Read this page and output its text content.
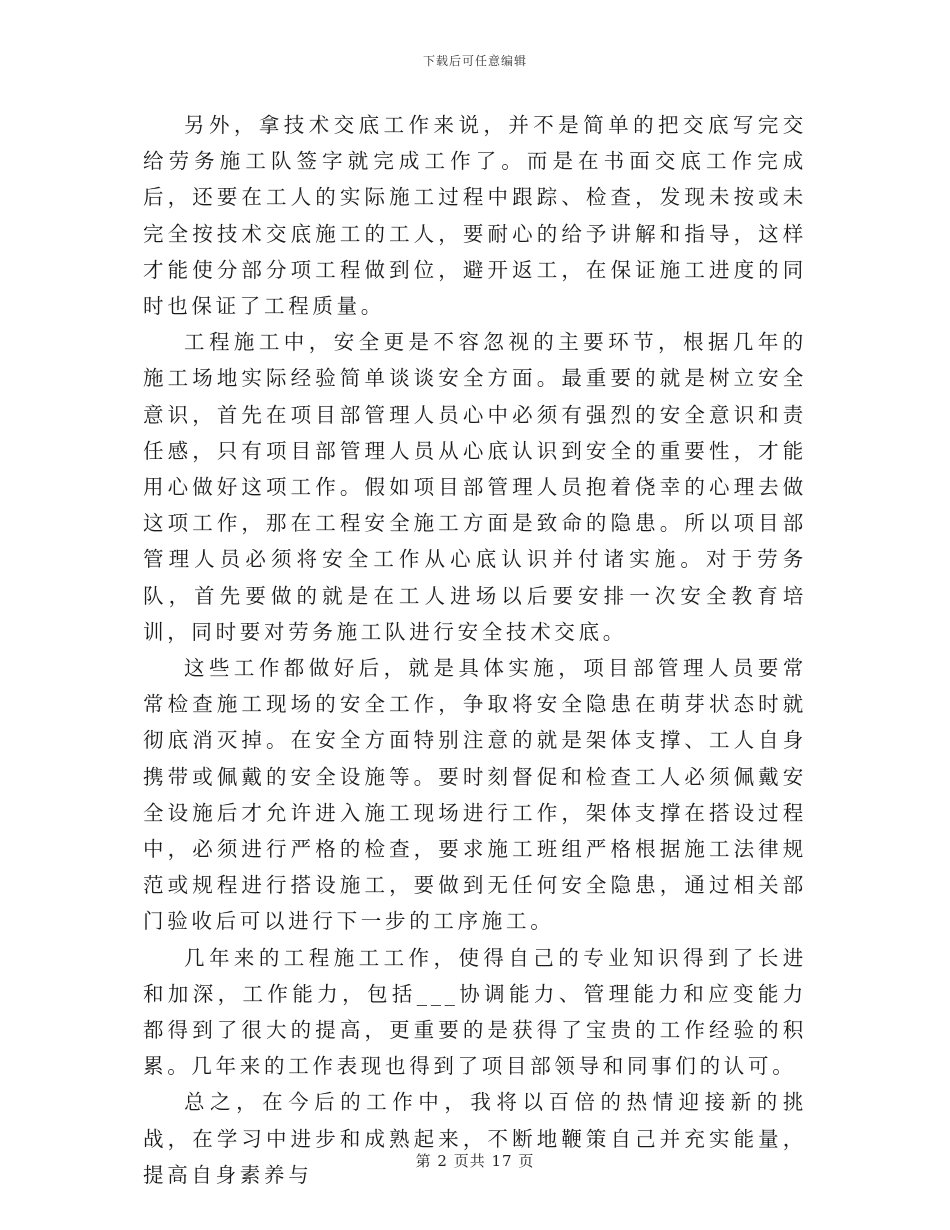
下载后可任意编辑

另外，拿技术交底工作来说，并不是简单的把交底写完交给劳务施工队签字就完成工作了。而是在书面交底工作完成后，还要在工人的实际施工过程中跟踪、检查，发现未按或未完全按技术交底施工的工人，要耐心的给予讲解和指导，这样才能使分部分项工程做到位，避开返工，在保证施工进度的同时也保证了工程质量。

工程施工中，安全更是不容忽视的主要环节，根据几年的施工场地实际经验简单谈谈安全方面。最重要的就是树立安全意识，首先在项目部管理人员心中必须有强烈的安全意识和责任感，只有项目部管理人员从心底认识到安全的重要性，才能用心做好这项工作。假如项目部管理人员抱着侥幸的心理去做这项工作，那在工程安全施工方面是致命的隐患。所以项目部管理人员必须将安全工作从心底认识并付诸实施。对于劳务队，首先要做的就是在工人进场以后要安排一次安全教育培训，同时要对劳务施工队进行安全技术交底。

这些工作都做好后，就是具体实施，项目部管理人员要常常检查施工现场的安全工作，争取将安全隐患在萌芽状态时就彻底消灭掉。在安全方面特别注意的就是架体支撑、工人自身携带或佩戴的安全设施等。要时刻督促和检查工人必须佩戴安全设施后才允许进入施工现场进行工作，架体支撑在搭设过程中，必须进行严格的检查，要求施工班组严格根据施工法律规范或规程进行搭设施工，要做到无任何安全隐患，通过相关部门验收后可以进行下一步的工序施工。

几年来的工程施工工作，使得自己的专业知识得到了长进和加深，工作能力，包括___协调能力、管理能力和应变能力都得到了很大的提高，更重要的是获得了宝贵的工作经验的积累。几年来的工作表现也得到了项目部领导和同事们的认可。

总之，在今后的工作中，我将以百倍的热情迎接新的挑战，在学习中进步和成熟起来，不断地鞭策自己并充实能量，提高自身素养与

第 2 页共 17 页
